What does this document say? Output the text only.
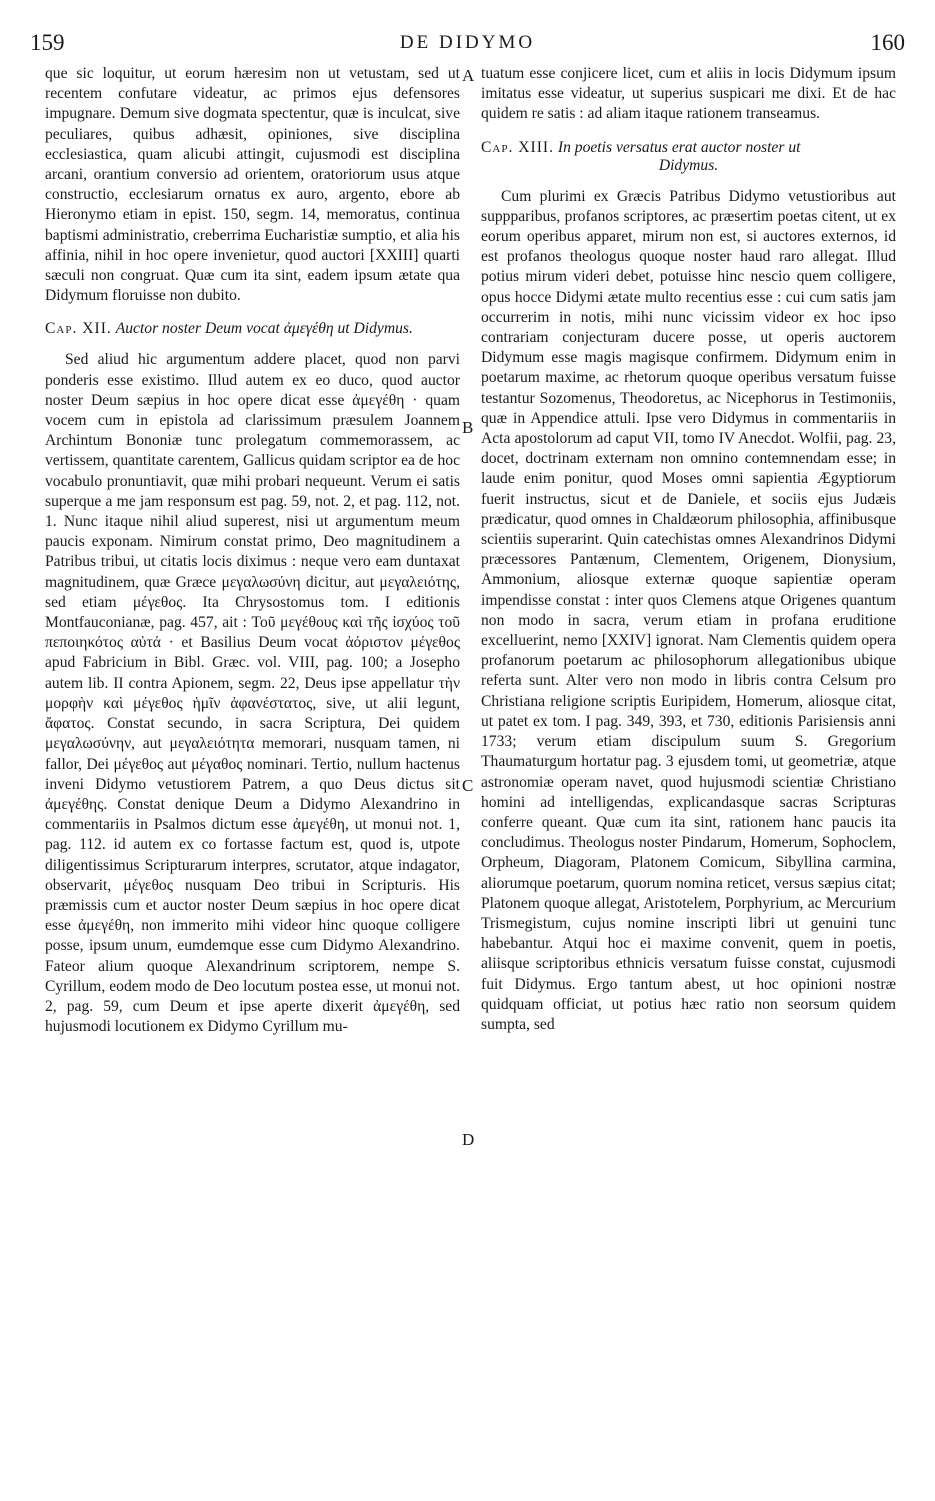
159	DE DIDYMO	160
A
B
C
D

que sic loquitur, ut eorum hæresim non ut vetustam, sed ut recentem confutare videatur, ac primos ejus defensores impugnare. Demum sive dogmata spectentur, quæ is inculcat, sive peculiares, quibus adhæsit, opiniones, sive disciplina ecclesiastica, quam alicubi attingit, cujusmodi est disciplina arcani, orantium conversio ad orientem, oratoriorum usus atque constructio, ecclesiarum ornatus ex auro, argento, ebore ab Hieronymo etiam in epist. 150, segm. 14, memoratus, continua baptismi administratio, creberrima Eucharistiæ sumptio, et alia his affinia, nihil in hoc opere invenietur, quod auctori [XXIII] quarti sæculi non congruat. Quæ cum ita sint, eadem ipsum ætate qua Didymum floruisse non dubito.

Cap. XII. Auctor noster Deum vocat ἀμεγέθη ut Didymus.

Sed aliud hic argumentum addere placet, quod non parvi ponderis esse existimo. Illud autem ex eo duco, quod auctor noster Deum sæpius in hoc opere dicat esse ἀμεγέθη · quam vocem cum in epistola ad clarissimum præsulem Joannem Archintum Bononiæ tunc prolegatum commemorassem, ac vertissem, quantitate carentem, Gallicus quidam scriptor ea de hoc vocabulo pronuntiavit, quæ mihi probari nequeunt. Verum ei satis superque a me jam responsum est pag. 59, not. 2, et pag. 112, not. 1. Nunc itaque nihil aliud superest, nisi ut argumentum meum paucis exponam. Nimirum constat primo, Deo magnitudinem a Patribus tribui, ut citatis locis diximus : neque vero eam duntaxat magnitudinem, quæ Græce μεγαλωσύνη dicitur, aut μεγαλειότης, sed etiam μέγεθος. Ita Chrysostomus tom. I editionis Montfauconianæ, pag. 457, ait : Τοῦ μεγέθους καὶ τῆς ἰσχύος τοῦ πεποιηκότος αὐτά · et Basilius Deum vocat ἀόριστον μέγεθος apud Fabricium in Bibl. Græc. vol. VIII, pag. 100; a Josepho autem lib. II contra Apionem, segm. 22, Deus ipse appellatur τὴν μορφὴν καὶ μέγεθος ἡμῖν ἀφανέστατος, sive, ut alii legunt, ἄφατος. Constat secundo, in sacra Scriptura, Dei quidem μεγαλωσύνην, aut μεγαλειότητα memorari, nusquam tamen, ni fallor, Dei μέγεθος aut μέγαθος nominari. Tertio, nullum hactenus inveni Didymo vetustiorem Patrem, a quo Deus dictus sit ἀμεγέθης. Constat denique Deum a Didymo Alexandrino in commentariis in Psalmos dictum esse ἀμεγέθη, ut monui not. 1, pag. 112. id autem ex co fortasse factum est, quod is, utpote diligentissimus Scripturarum interpres, scrutator, atque indagator, observarit, μέγεθος nusquam Deo tribui in Scripturis. His præmissis cum et auctor noster Deum sæpius in hoc opere dicat esse ἀμεγέθη, non immerito mihi videor hinc quoque colligere posse, ipsum unum, eumdemque esse cum Didymo Alexandrino. Fateor alium quoque Alexandrinum scriptorem, nempe S. Cyrillum, eodem modo de Deo locutum postea esse, ut monui not. 2, pag. 59, cum Deum et ipse aperte dixerit ἀμεγέθη, sed hujusmodi locutionem ex Didymo Cyrillum mu-

tuatum esse conjicere licet, cum et aliis in locis Didymum ipsum imitatus esse videatur, ut superius suspicari me dixi. Et de hac quidem re satis : ad aliam itaque rationem transeamus.

Cap. XIII. In poetis versatus erat auctor noster ut
Didymus.

Cum plurimi ex Græcis Patribus Didymo vetustioribus aut suppparibus, profanos scriptores, ac præsertim poetas citent, ut ex eorum operibus apparet, mirum non est, si auctores externos, id est profanos theologus quoque noster haud raro allegat. Illud potius mirum videri debet, potuisse hinc nescio quem colligere, opus hocce Didymi ætate multo recentius esse : cui cum satis jam occurrerim in notis, mihi nunc vicissim videor ex hoc ipso contrariam conjecturam ducere posse, ut operis auctorem Didymum esse magis magisque confirmem. Didymum enim in poetarum maxime, ac rhetorum quoque operibus versatum fuisse testantur Sozomenus, Theodoretus, ac Nicephorus in Testimoniis, quæ in Appendice attuli. Ipse vero Didymus in commentariis in Acta apostolorum ad caput VII, tomo IV Anecdot. Wolfii, pag. 23, docet, doctrinam externam non omnino contemnendam esse; in laude enim ponitur, quod Moses omni sapientia Ægyptiorum fuerit instructus, sicut et de Daniele, et sociis ejus Judæis prædicatur, quod omnes in Chaldæorum philosophia, affinibusque scientiis superarint. Quin catechistas omnes Alexandrinos Didymi præcessores Pantænum, Clementem, Origenem, Dionysium, Ammonium, aliosque externæ quoque sapientiæ operam impendisse constat : inter quos Clemens atque Origenes quantum non modo in sacra, verum etiam in profana eruditione excelluerint, nemo [XXIV] ignorat. Nam Clementis quidem opera profanorum poetarum ac philosophorum allegationibus ubique referta sunt. Alter vero non modo in libris contra Celsum pro Christiana religione scriptis Euripidem, Homerum, aliosque citat, ut patet ex tom. I pag. 349, 393, et 730, editionis Parisiensis anni 1733; verum etiam discipulum suum S. Gregorium Thaumaturgum hortatur pag. 3 ejusdem tomi, ut geometriæ, atque astronomiæ operam navet, quod hujusmodi scientiæ Christiano homini ad intelligendas, explicandasque sacras Scripturas conferre queant. Quæ cum ita sint, rationem hanc paucis ita concludimus. Theologus noster Pindarum, Homerum, Sophoclem, Orpheum, Diagoram, Platonem Comicum, Sibyllina carmina, aliorumque poetarum, quorum nomina reticet, versus sæpius citat; Platonem quoque allegat, Aristotelem, Porphyrium, ac Mercurium Trismegistum, cujus nomine inscripti libri ut genuini tunc habebantur. Atqui hoc ei maxime convenit, quem in poetis, aliisque scriptoribus ethnicis versatum fuisse constat, cujusmodi fuit Didymus. Ergo tantum abest, ut hoc opinioni nostræ quidquam officiat, ut potius hæc ratio non seorsum quidem sumpta, sed
